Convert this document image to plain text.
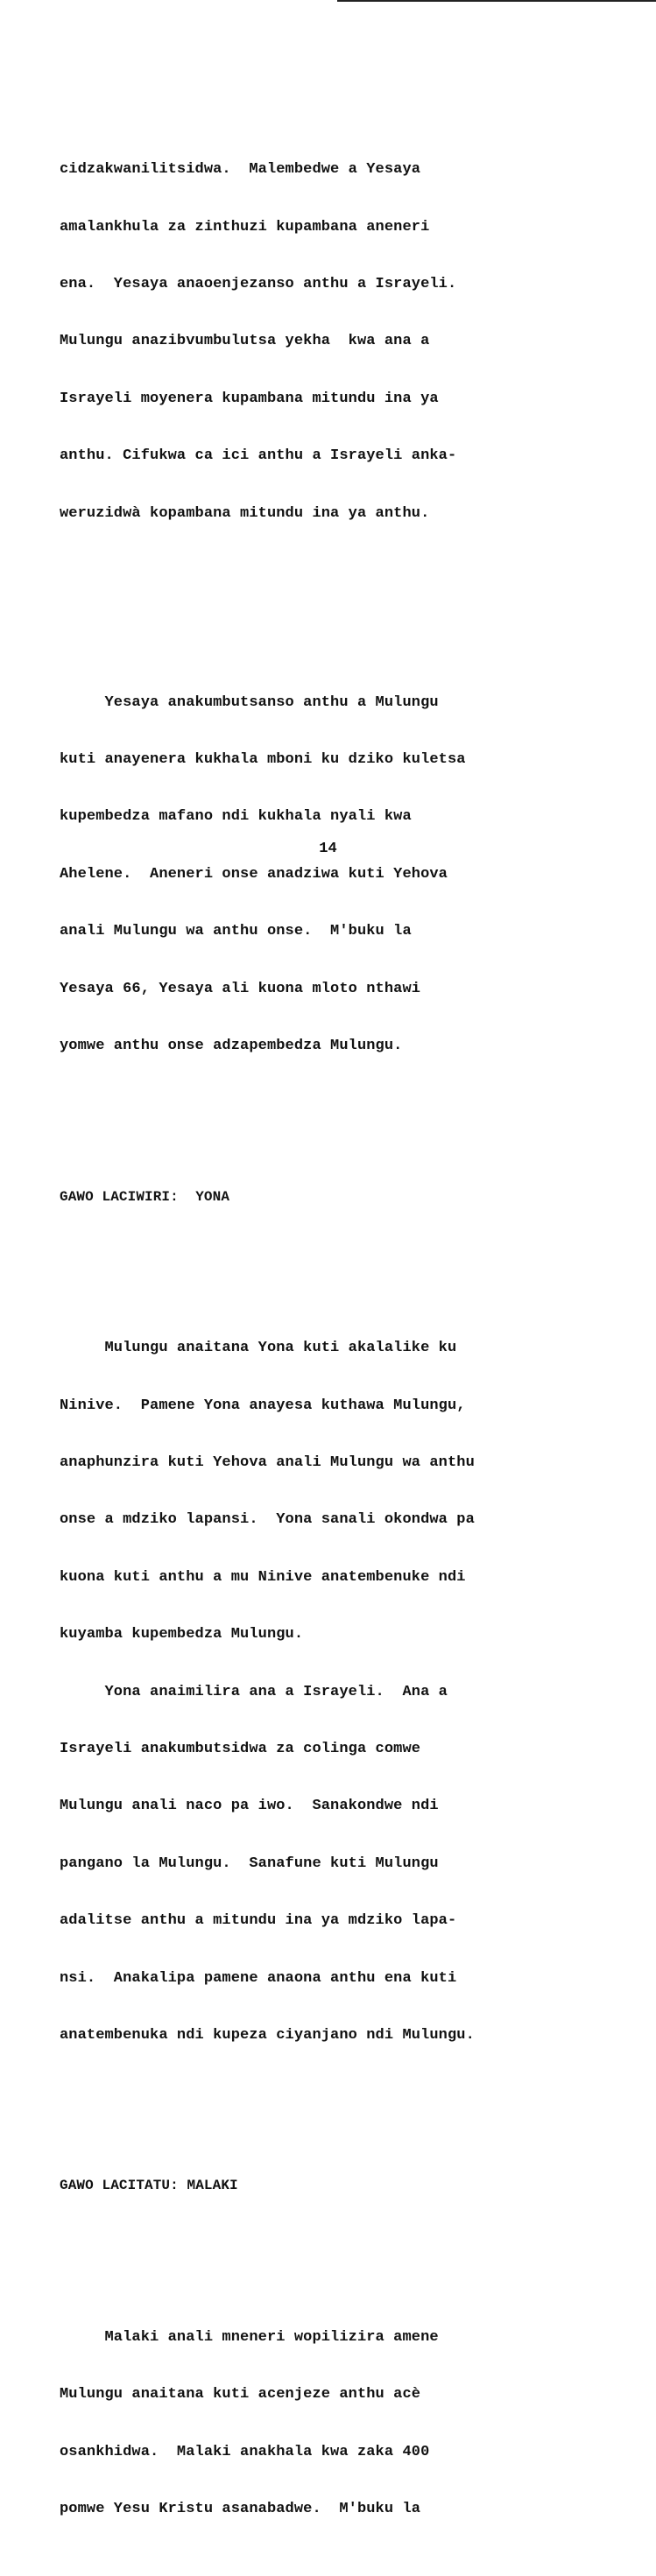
cidzakwanilitsidwa.  Malembedwe a Yesaya

amalankhula za zinthuzi kupambana aneneri

ena.  Yesaya anaoenjezanso anthu a Israyeli.

Mulungu anazibvumbulutsa yekha  kwa ana a

Israyeli moyenera kupambana mitundu ina ya

anthu. Cifukwa ca ici anthu a Israyeli anka-

weruzidwà kopambana mitundu ina ya anthu.

Yesaya anakumbutsanso anthu a Mulungu

kuti anayenera kukhala mboni ku dziko kuletsa

kupembedza mafano ndi kukhala nyali kwa

Ahelene.  Aneneri onse anadziwa kuti Yehova

anali Mulungu wa anthu onse.  M'buku la

Yesaya 66, Yesaya ali kuona mloto nthawi

yomwe anthu onse adzapembedza Mulungu.

GAWO LACIWIRI:  YONA

Mulungu anaitana Yona kuti akalalike ku

Ninive.  Pamene Yona anayesa kuthawa Mulungu,

anaphunzira kuti Yehova anali Mulungu wa anthu

onse a mdziko lapansi.  Yona sanali okondwa pa

kuona kuti anthu a mu Ninive anatembenuke ndi

kuyamba kupembedza Mulungu.

Yona anaimilira ana a Israyeli.  Ana a

Israyeli anakumbutsidwa za colinga comwe

Mulungu anali naco pa iwo.  Sanakondwe ndi

pangano la Mulungu.  Sanafune kuti Mulungu

adalitse anthu a mitundu ina ya mdziko lapa-

nsi.  Anakalipa pamene anaona anthu ena kuti

anatembenuka ndi kupeza ciyanjano ndi Mulungu.

GAWO LACITATU: MALAKI

Malaki anali mneneri wopilizira amene

Mulungu anaitana kuti acenjeze anthu acè

osankhidwa.  Malaki anakhala kwa zaka 400

pomwe Yesu Kristu asanabadwe.  M'buku la

14
